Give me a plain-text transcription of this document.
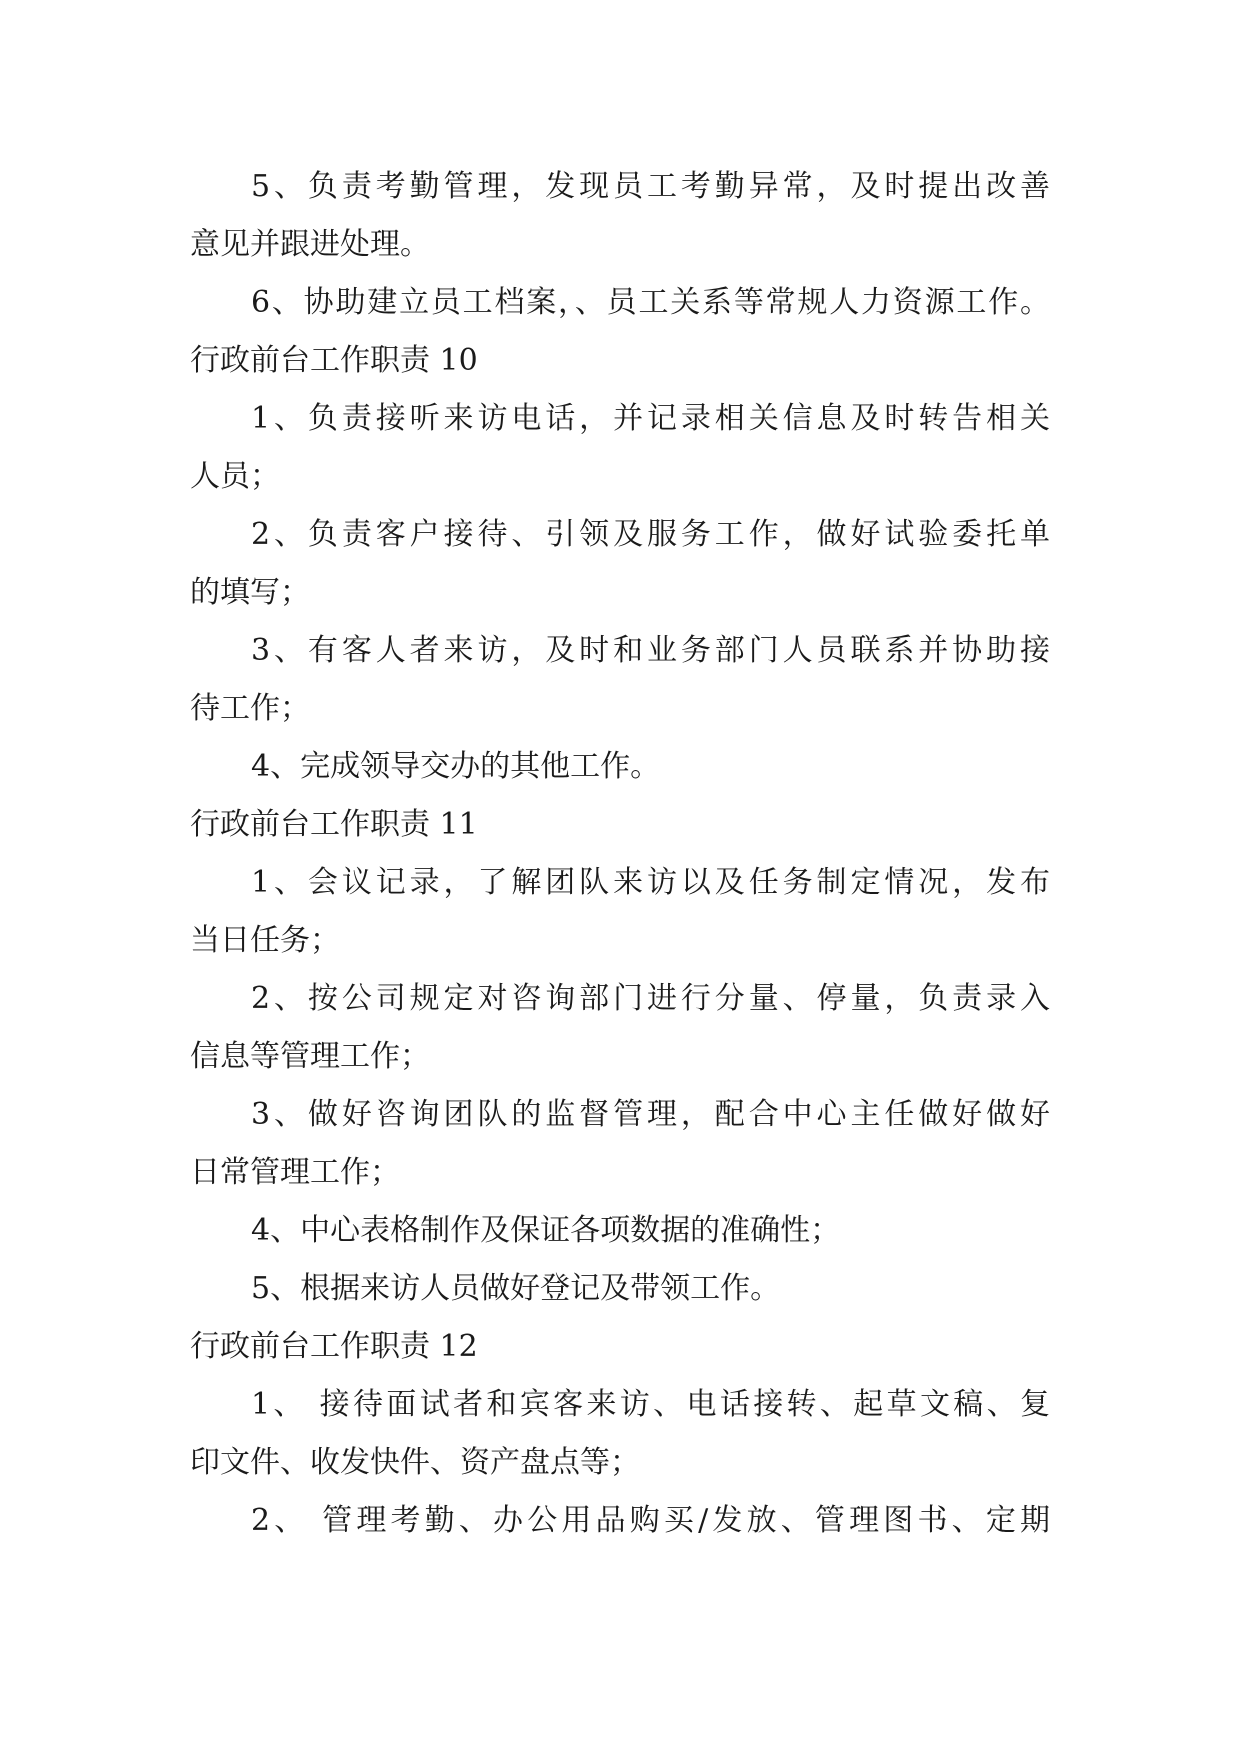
5、负责考勤管理，发现员工考勤异常，及时提出改善
意见并跟进处理。
6、协助建立员工档案，、员工关系等常规人力资源工作。
行政前台工作职责 10
1、负责接听来访电话，并记录相关信息及时转告相关
人员；
2、负责客户接待、引领及服务工作，做好试验委托单
的填写；
3、有客人者来访，及时和业务部门人员联系并协助接
待工作；
4、完成领导交办的其他工作。
行政前台工作职责 11
1、会议记录，了解团队来访以及任务制定情况，发布
当日任务；
2、按公司规定对咨询部门进行分量、停量，负责录入
信息等管理工作；
3、做好咨询团队的监督管理，配合中心主任做好做好
日常管理工作；
4、中心表格制作及保证各项数据的准确性；
5、根据来访人员做好登记及带领工作。
行政前台工作职责 12
1、 接待面试者和宾客来访、电话接转、起草文稿、复
印文件、收发快件、资产盘点等；
2、 管理考勤、办公用品购买/发放、管理图书、定期
